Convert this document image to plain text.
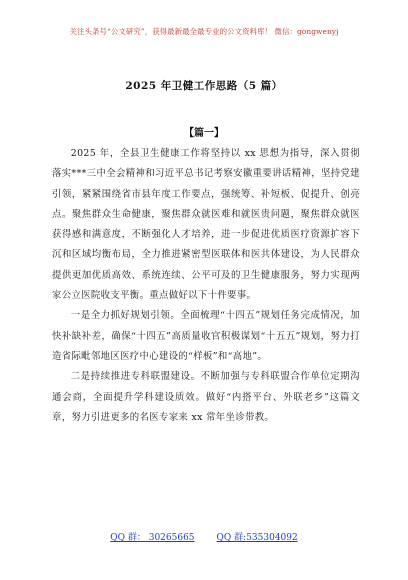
关注头条号“公文研究”，获得最新最全最专业的公文资料库！ 微信：gongwenyj
2025 年卫健工作思路（5 篇）
【篇一】

2025 年，全县卫生健康工作将坚持以 xx 思想为指导，深入贯彻落实***三中全会精神和习近平总书记考察安徽重要讲话精神，坚持党建引领，紧紧围绕省市县年度工作要点，强统筹、补短板、促提升、创亮点。聚焦群众生命健康，聚焦群众就医难和就医贵问题，聚焦群众就医获得感和满意度，不断强化人才培养，进一步促进优质医疗资源扩容下沉和区域均衡布局，全力推进紧密型医联体和医共体建设，为人民群众提供更加优质高效、系统连续、公平可及的卫生健康服务，努力实现两家公立医院收支平衡。重点做好以下十件要事。

一是全力抓好规划引领。全面梳理“十四五”规划任务完成情况，加快补缺补差，确保“十四五”高质量收官积极谋划“十五五”规划，努力打造省际毗邻地区医疗中心建设的“样板”和“高地”。

二是持续推进专科联盟建设。不断加强与专科联盟合作单位定期沟通会商，全面提升学科建设质效。做好“内搭平台、外联老乡”这篇文章，努力引进更多的名医专家来 xx 常年坐诊带教。

QQ 群： 30265665 QQ 群:535304092
